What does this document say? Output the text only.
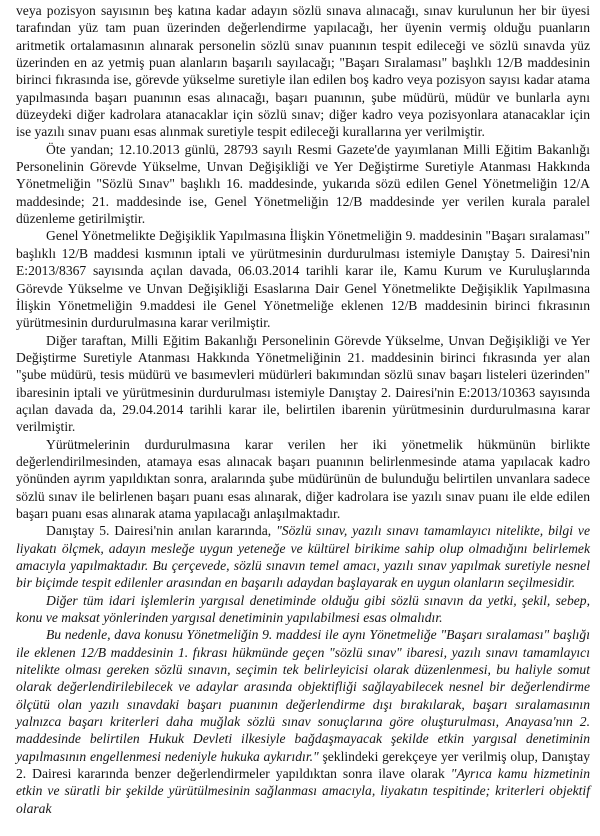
veya pozisyon sayısının beş katına kadar adayın sözlü sınava alınacağı, sınav kurulunun her bir üyesi tarafından yüz tam puan üzerinden değerlendirme yapılacağı, her üyenin vermiş olduğu puanların aritmetik ortalamasının alınarak personelin sözlü sınav puanının tespit edileceği ve sözlü sınavda yüz üzerinden en az yetmiş puan alanların başarılı sayılacağı; "Başarı Sıralaması" başlıklı 12/B maddesinin birinci fıkrasında ise, görevde yükselme suretiyle ilan edilen boş kadro veya pozisyon sayısı kadar atama yapılmasında başarı puanının esas alınacağı, başarı puanının, şube müdürü, müdür ve bunlarla aynı düzeydeki diğer kadrolara atanacaklar için sözlü sınav; diğer kadro veya pozisyonlara atanacaklar için ise yazılı sınav puanı esas alınmak suretiyle tespit edileceği kurallarına yer verilmiştir.

Öte yandan; 12.10.2013 günlü, 28793 sayılı Resmi Gazete'de yayımlanan Milli Eğitim Bakanlığı Personelinin Görevde Yükselme, Unvan Değişikliği ve Yer Değiştirme Suretiyle Atanması Hakkında Yönetmeliğin "Sözlü Sınav" başlıklı 16. maddesinde, yukarıda sözü edilen Genel Yönetmeliğin 12/A maddesinde; 21. maddesinde ise, Genel Yönetmeliğin 12/B maddesinde yer verilen kurala paralel düzenleme getirilmiştir.

Genel Yönetmelikte Değişiklik Yapılmasına İlişkin Yönetmeliğin 9. maddesinin "Başarı sıralaması" başlıklı 12/B maddesi kısmının iptali ve yürütmesinin durdurulması istemiyle Danıştay 5. Dairesi'nin E:2013/8367 sayısında açılan davada, 06.03.2014 tarihli karar ile, Kamu Kurum ve Kuruluşlarında Görevde Yükselme ve Unvan Değişikliği Esaslarına Dair Genel Yönetmelikte Değişiklik Yapılmasına İlişkin Yönetmeliğin 9.maddesi ile Genel Yönetmeliğe eklenen 12/B maddesinin birinci fıkrasının yürütmesinin durdurulmasına karar verilmiştir.

Diğer taraftan, Milli Eğitim Bakanlığı Personelinin Görevde Yükselme, Unvan Değişikliği ve Yer Değiştirme Suretiyle Atanması Hakkında Yönetmeliğinin 21. maddesinin birinci fıkrasında yer alan "şube müdürü, tesis müdürü ve basımevleri müdürleri bakımından sözlü sınav başarı listeleri üzerinden" ibaresinin iptali ve yürütmesinin durdurulması istemiyle Danıştay 2. Dairesi'nin E:2013/10363 sayısında açılan davada da, 29.04.2014 tarihli karar ile, belirtilen ibarenin yürütmesinin durdurulmasına karar verilmiştir.

Yürütmelerinin durdurulmasına karar verilen her iki yönetmelik hükmünün birlikte değerlendirilmesinden, atamaya esas alınacak başarı puanının belirlenmesinde atama yapılacak kadro yönünden ayrım yapıldıktan sonra, aralarında şube müdürünün de bulunduğu belirtilen unvanlara sadece sözlü sınav ile belirlenen başarı puanı esas alınarak, diğer kadrolara ise yazılı sınav puanı ile elde edilen başarı puanı esas alınarak atama yapılacağı anlaşılmaktadır.

Danıştay 5. Dairesi'nin anılan kararında, "Sözlü sınav, yazılı sınavı tamamlayıcı nitelikte, bilgi ve liyakatı ölçmek, adayın mesleğe uygun yeteneğe ve kültürel birikime sahip olup olmadığını belirlemek amacıyla yapılmaktadır. Bu çerçevede, sözlü sınavın temel amacı, yazılı sınav yapılmak suretiyle nesnel bir biçimde tespit edilenler arasından en başarılı adaydan başlayarak en uygun olanların seçilmesidir.

Diğer tüm idari işlemlerin yargısal denetiminde olduğu gibi sözlü sınavın da yetki, şekil, sebep, konu ve maksat yönlerinden yargısal denetiminin yapılabilmesi esas olmalıdır.

Bu nedenle, dava konusu Yönetmeliğin 9. maddesi ile aynı Yönetmeliğe "Başarı sıralaması" başlığı ile eklenen 12/B maddesinin 1. fıkrası hükmünde geçen "sözlü sınav" ibaresi, yazılı sınavı tamamlayıcı nitelikte olması gereken sözlü sınavın, seçimin tek belirleyicisi olarak düzenlenmesi, bu haliyle somut olarak değerlendirilebilecek ve adaylar arasında objektifliği sağlayabilecek nesnel bir değerlendirme ölçütü olan yazılı sınavdaki başarı puanının değerlendirme dışı bırakılarak, başarı sıralamasının yalnızca başarı kriterleri daha muğlak sözlü sınav sonuçlarına göre oluşturulması, Anayasa'nın 2. maddesinde belirtilen Hukuk Devleti ilkesiyle bağdaşmayacak şekilde etkin yargısal denetiminin yapılmasının engellenmesi nedeniyle hukuka aykırıdır." şeklindeki gerekçeye yer verilmiş olup, Danıştay 2. Dairesi kararında benzer değerlendirmeler yapıldıktan sonra ilave olarak "Ayrıca kamu hizmetinin etkin ve süratli bir şekilde yürütülmesinin sağlanması amacıyla, liyakatın tespitinde; kriterleri objektif olarak
